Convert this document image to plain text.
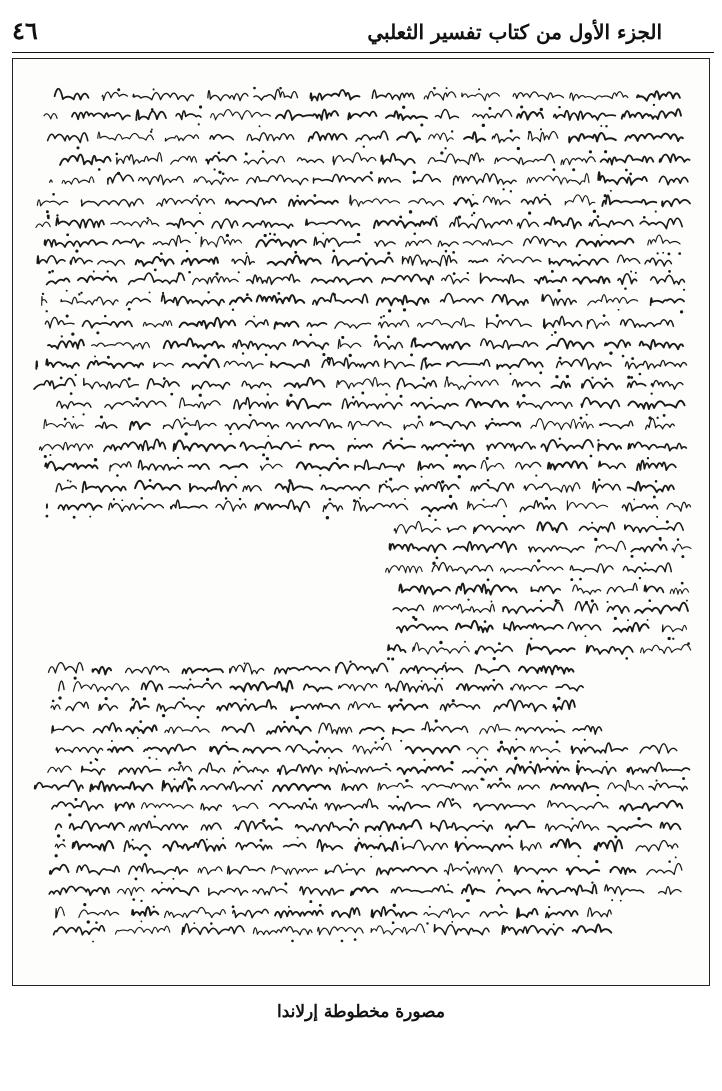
الجزء الأول من كتاب تفسير الثعلبي
٤٦
مصورة مخطوطة إرلاندا
